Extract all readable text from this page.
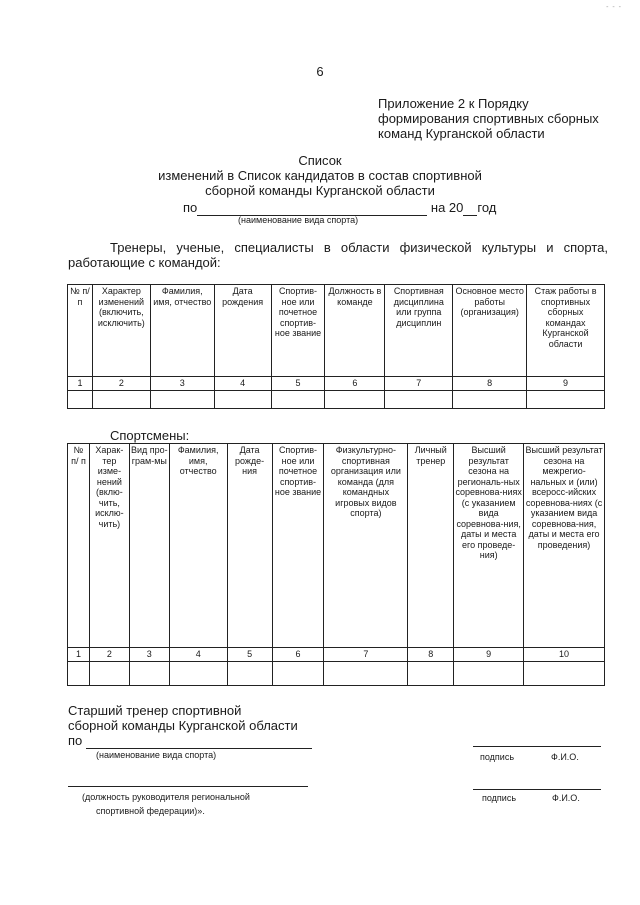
- - -
6
Приложение 2 к Порядку
формирования спортивных сборных
команд Курганской области
Список
изменений в Список кандидатов в состав спортивной
сборной команды Курганской области
по	на 20 год
(наименование вида спорта)
Тренеры, ученые, специалисты в области физической культуры и спорта,
работающие с командой:
№ п/п	Характер изменений (включить, исключить)	Фамилия, имя, отчество	Дата рождения	Спортив-ное или почетное спортив-ное звание	Должность в команде	Спортивная дисциплина или группа дисциплин	Основное место работы (организация)	Стаж работы в спортивных сборных командах Курганской области
1	2	3	4	5	6	7	8	9

Спортсмены:
№ п/ п	Харак-тер изме-нений (вклю-чить, исклю-чить)	Вид про-грам-мы	Фамилия, имя, отчество	Дата рожде-ния	Спортив-ное или почетное спортив-ное звание	Физкультурно-спортивная организация или команда (для командных игровых видов спорта)	Личный тренер	Высший результат сезона на региональ-ных соревнова-ниях (с указанием вида соревнова-ния, даты и места его проведе-ния)	Высший результат сезона на межрегио-нальных и (или) всеросс-ийских соревнова-ниях (с указанием вида соревнова-ния, даты и места его проведения)
1	2	3	4	5	6	7	8	9	10

Старший тренер спортивной
сборной команды Курганской области
по
(наименование вида спорта)	подпись	Ф.И.О.
(должность руководителя региональной
спортивной федерации)».
подпись	Ф.И.О.
